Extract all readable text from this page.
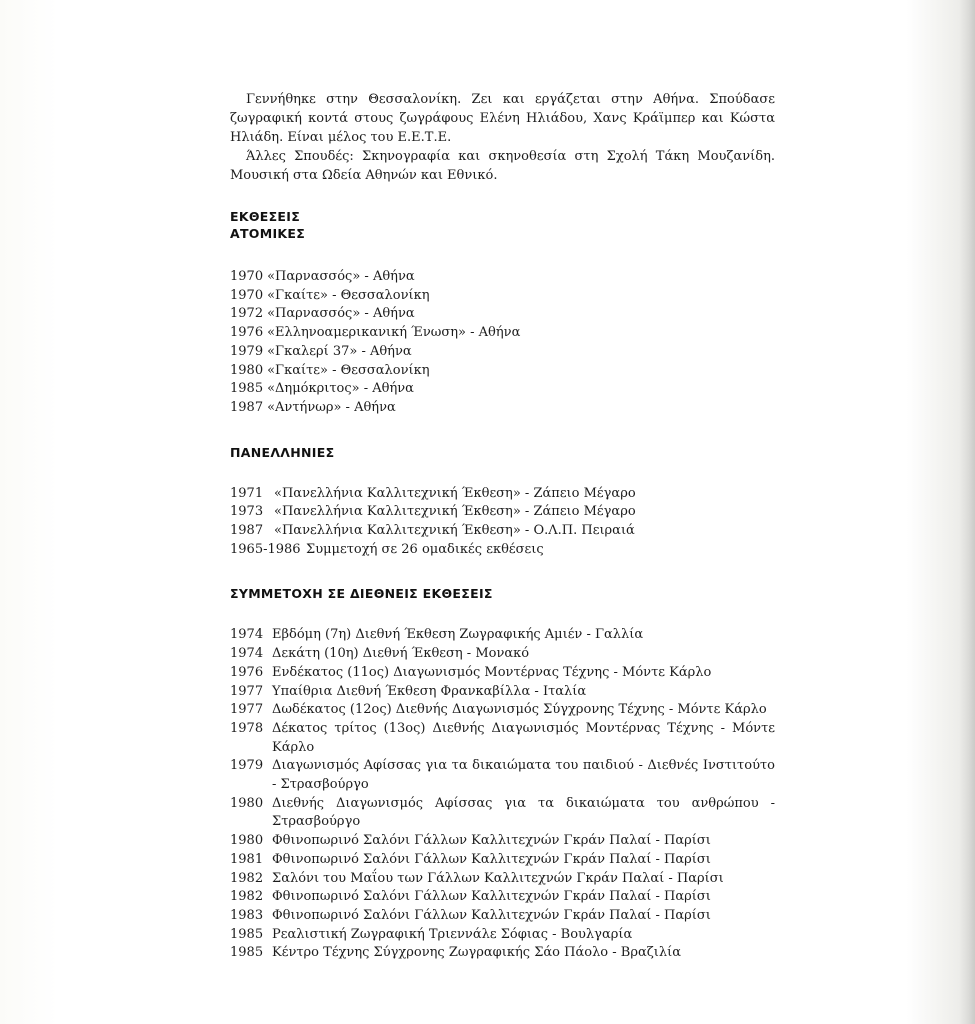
Γεννήθηκε στην Θεσσαλονίκη. Ζει και εργάζεται στην Αθήνα. Σπούδασε ζωγραφική κοντά στους ζωγράφους Ελένη Ηλιάδου, Χανς Κράϊμπερ και Κώστα Ηλιάδη. Είναι μέλος του Ε.Ε.Τ.Ε.

Άλλες Σπουδές: Σκηνογραφία και σκηνοθεσία στη Σχολή Τάκη Μουζανίδη. Μουσική στα Ωδεία Αθηνών και Εθνικό.

ΕΚΘΕΣΕΙΣ
ΑΤΟΜΙΚΕΣ
1970 «Παρνασσός» - Αθήνα
1970 «Γκαίτε» - Θεσσαλονίκη
1972 «Παρνασσός» - Αθήνα
1976 «Ελληνοαμερικανική Ένωση» - Αθήνα
1979 «Γκαλερί 37» - Αθήνα
1980 «Γκαίτε» - Θεσσαλονίκη
1985 «Δημόκριτος» - Αθήνα
1987 «Αντήνωρ» - Αθήνα
ΠΑΝΕΛΛΗΝΙΕΣ
1971 «Πανελλήνια Καλλιτεχνική Έκθεση» - Ζάπειο Μέγαρο
1973 «Πανελλήνια Καλλιτεχνική Έκθεση» - Ζάπειο Μέγαρο
1987 «Πανελλήνια Καλλιτεχνική Έκθεση» - Ο.Λ.Π. Πειραιά
1965-1986 Συμμετοχή σε 26 ομαδικές εκθέσεις
ΣΥΜΜΕΤΟΧΗ ΣΕ ΔΙΕΘΝΕΙΣ ΕΚΘΕΣΕΙΣ
1974 Εβδόμη (7η) Διεθνή Έκθεση Ζωγραφικής Αμιέν - Γαλλία
1974 Δεκάτη (10η) Διεθνή Έκθεση - Μονακό
1976 Ενδέκατος (11ος) Διαγωνισμός Μοντέρνας Τέχνης - Μόντε Κάρλο
1977 Υπαίθρια Διεθνή Έκθεση Φρανκαβίλλα - Ιταλία
1977 Δωδέκατος (12ος) Διεθνής Διαγωνισμός Σύγχρονης Τέχνης - Μόντε Κάρλο
1978 Δέκατος τρίτος (13ος) Διεθνής Διαγωνισμός Μοντέρνας Τέχνης - Μόντε Κάρλο
1979 Διαγωνισμός Αφίσσας για τα δικαιώματα του παιδιού - Διεθνές Ινστιτούτο - Στρασβούργο
1980 Διεθνής Διαγωνισμός Αφίσσας για τα δικαιώματα του ανθρώπου - Στρασβούργο
1980 Φθινοπωρινό Σαλόνι Γάλλων Καλλιτεχνών Γκράν Παλαί - Παρίσι
1981 Φθινοπωρινό Σαλόνι Γάλλων Καλλιτεχνών Γκράν Παλαί - Παρίσι
1982 Σαλόνι του Μαΐου των Γάλλων Καλλιτεχνών Γκράν Παλαί - Παρίσι
1982 Φθινοπωρινό Σαλόνι Γάλλων Καλλιτεχνών Γκράν Παλαί - Παρίσι
1983 Φθινοπωρινό Σαλόνι Γάλλων Καλλιτεχνών Γκράν Παλαί - Παρίσι
1985 Ρεαλιστική Ζωγραφική Τριεννάλε Σόφιας - Βουλγαρία
1985 Κέντρο Τέχνης Σύγχρονης Ζωγραφικής Σάο Πάολο - Βραζιλία
